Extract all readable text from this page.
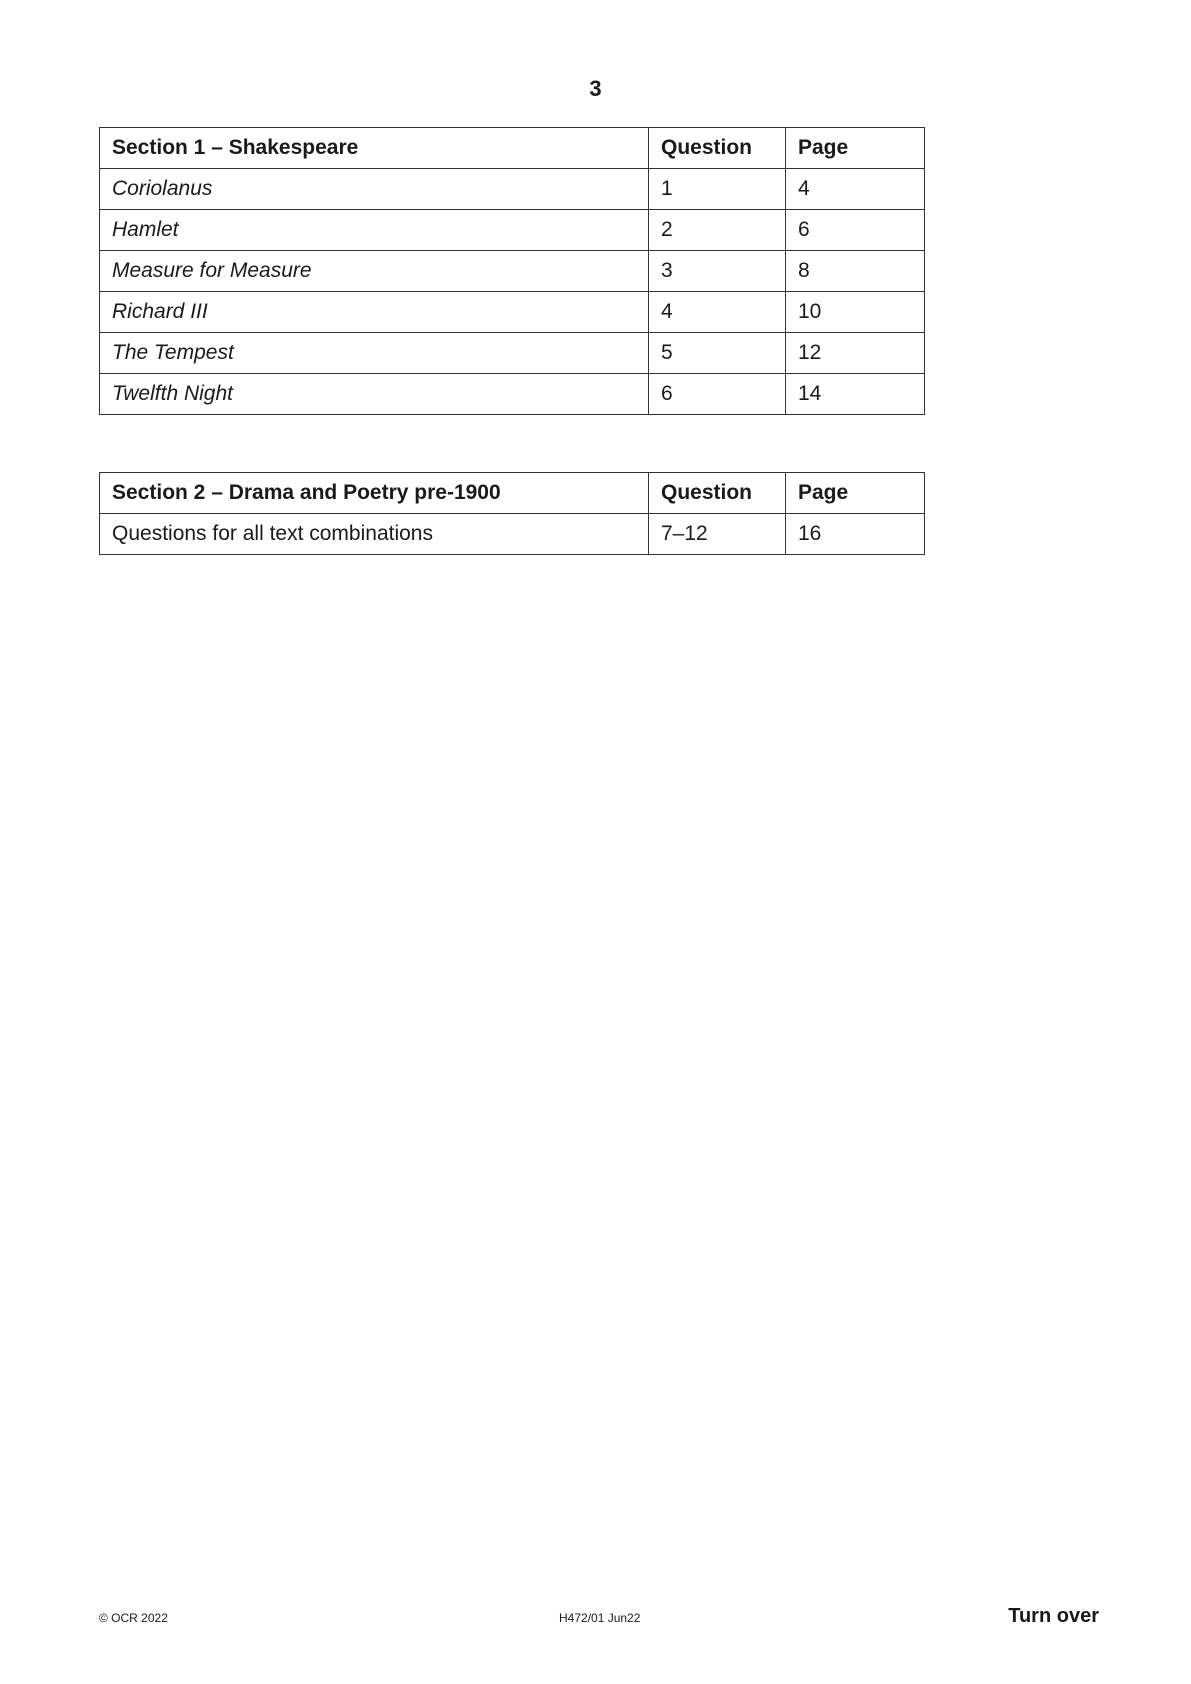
3
Section 1 – Shakespeare	Question	Page
Coriolanus	1	4
Hamlet	2	6
Measure for Measure	3	8
Richard III	4	10
The Tempest	5	12
Twelfth Night	6	14
Section 2 – Drama and Poetry pre-1900	Question	Page
Questions for all text combinations	7–12	16
© OCR 2022	H472/01 Jun22	Turn over
